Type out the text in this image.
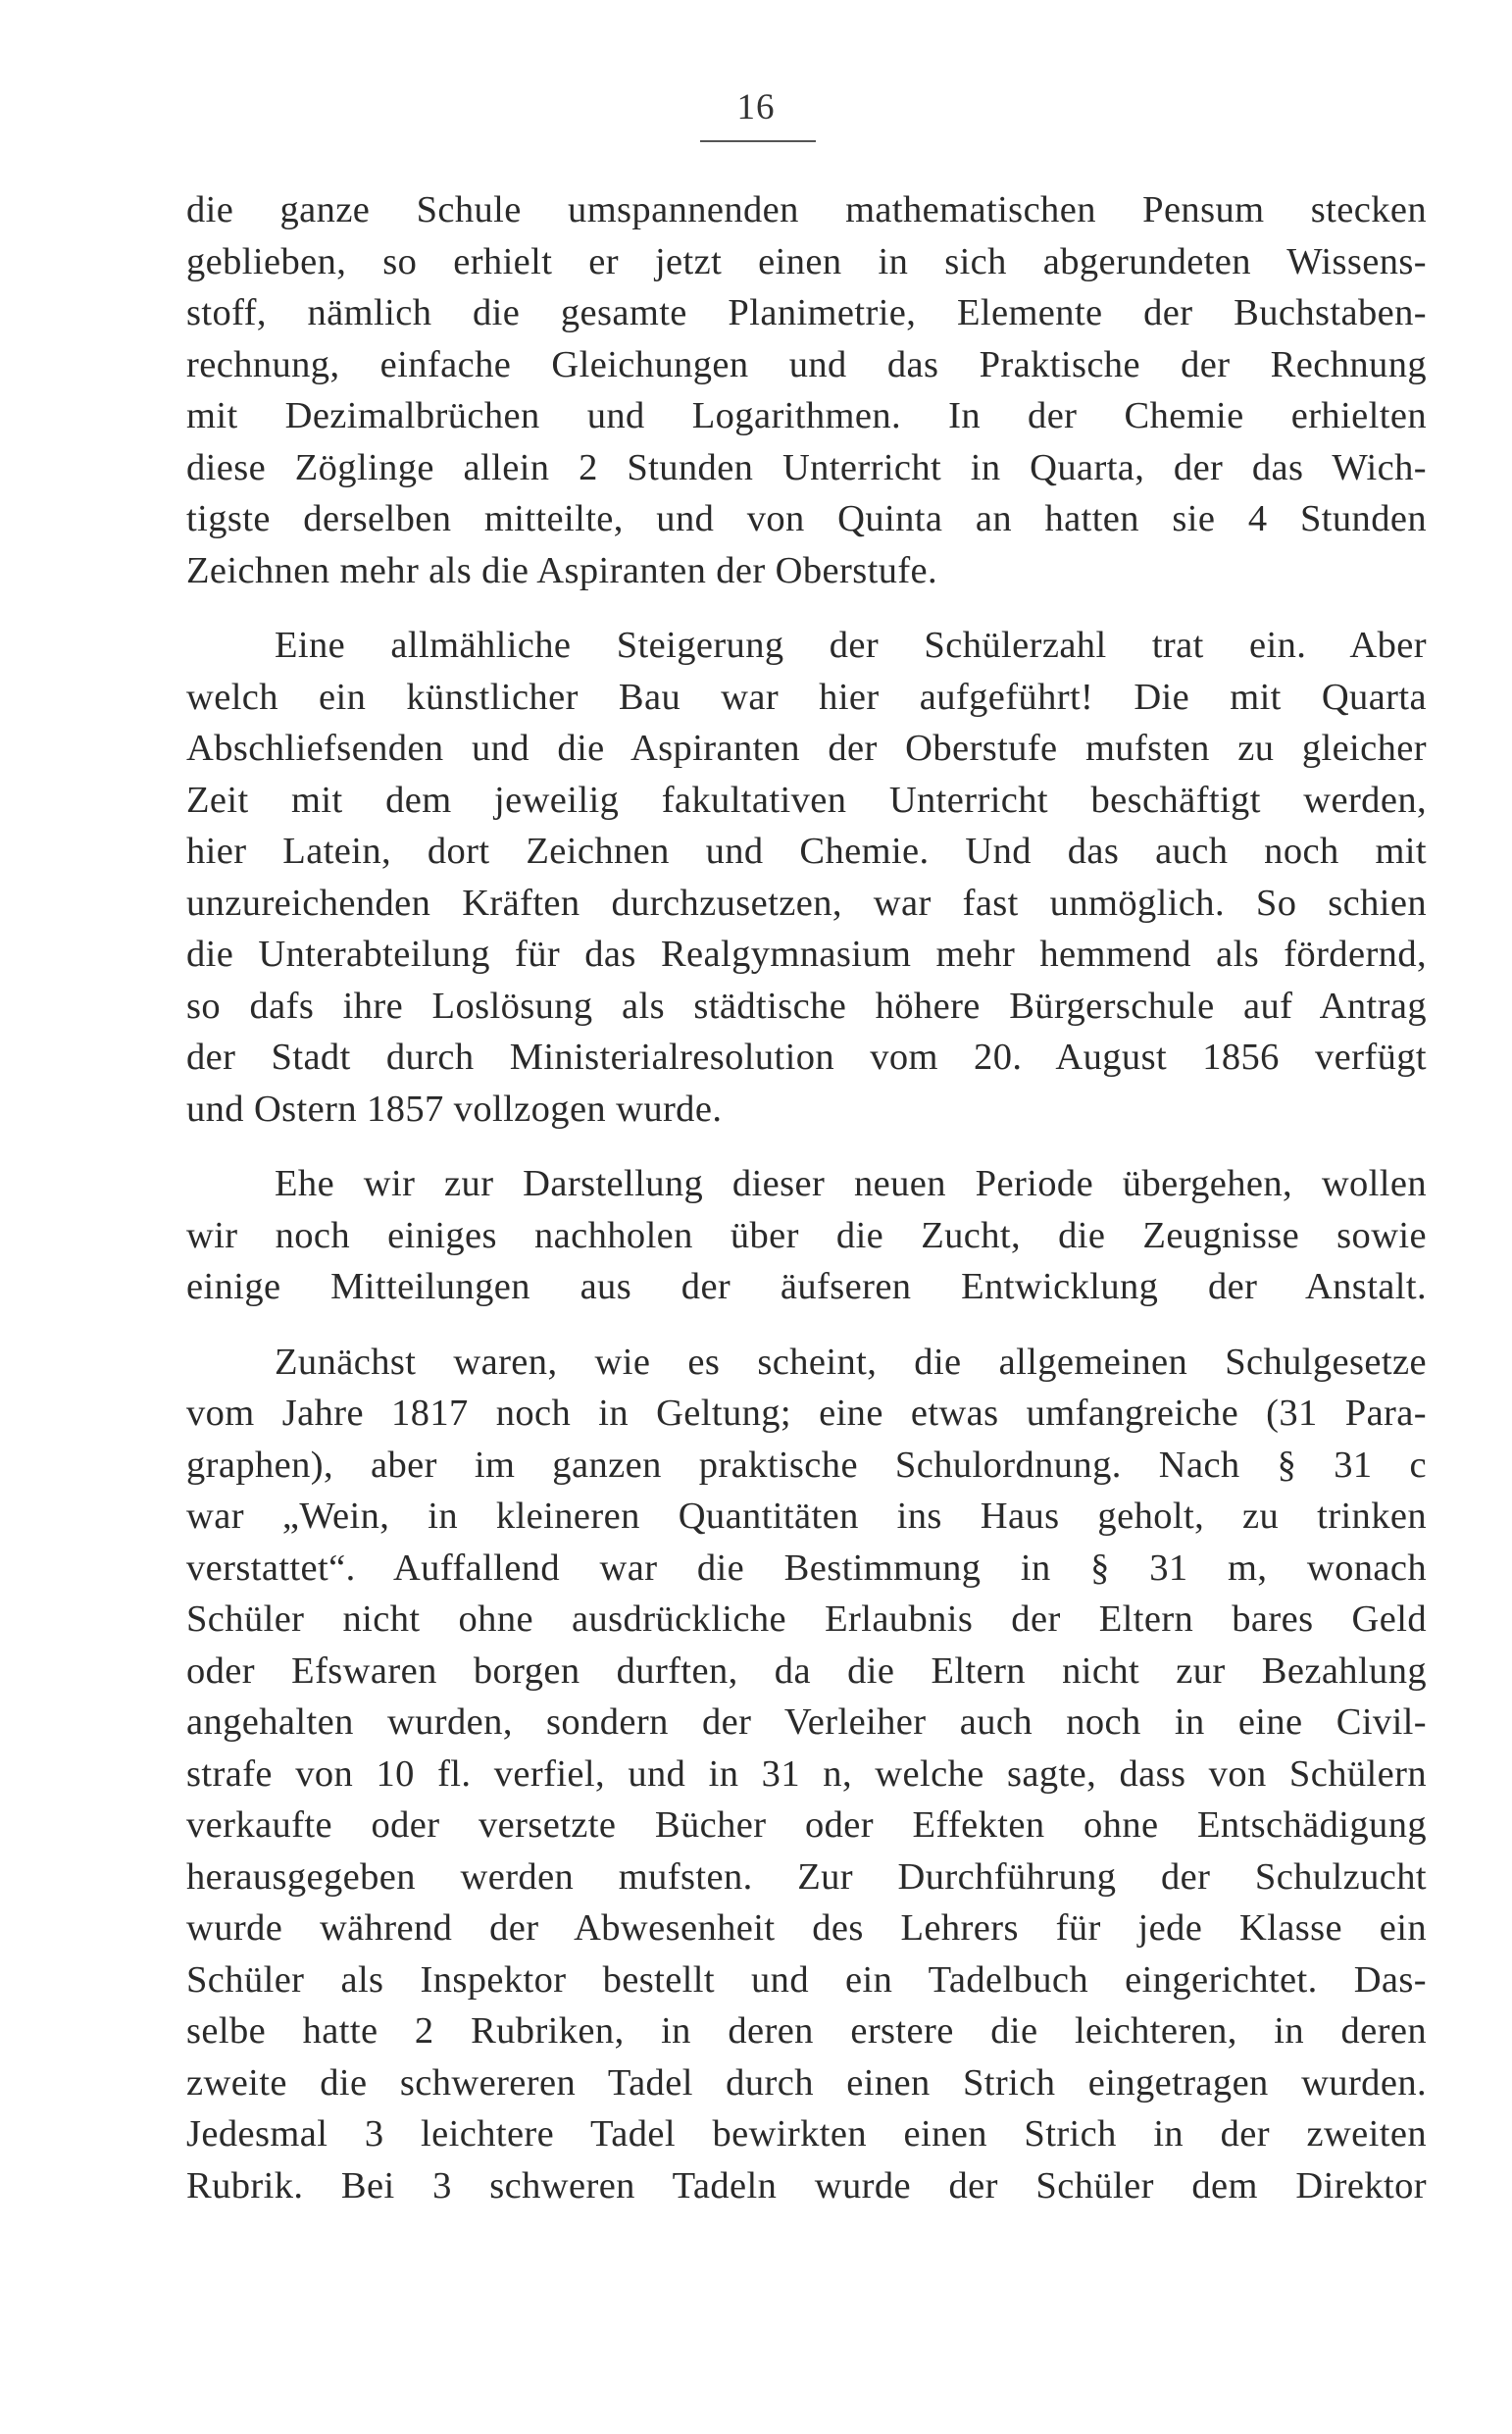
16
die ganze Schule umspannenden mathematischen Pensum stecken
geblieben, so erhielt er jetzt einen in sich abgerundeten Wissens-
stoff, nämlich die gesamte Planimetrie, Elemente der Buchstaben-
rechnung, einfache Gleichungen und das Praktische der Rechnung
mit Dezimalbrüchen und Logarithmen. In der Chemie erhielten
diese Zöglinge allein 2 Stunden Unterricht in Quarta, der das Wich-
tigste derselben mitteilte, und von Quinta an hatten sie 4 Stunden
Zeichnen mehr als die Aspiranten der Oberstufe.
Eine allmähliche Steigerung der Schülerzahl trat ein. Aber
welch ein künstlicher Bau war hier aufgeführt! Die mit Quarta
Abschliefsenden und die Aspiranten der Oberstufe mufsten zu gleicher
Zeit mit dem jeweilig fakultativen Unterricht beschäftigt werden,
hier Latein, dort Zeichnen und Chemie. Und das auch noch mit
unzureichenden Kräften durchzusetzen, war fast unmöglich. So schien
die Unterabteilung für das Realgymnasium mehr hemmend als fördernd,
so dafs ihre Loslösung als städtische höhere Bürgerschule auf Antrag
der Stadt durch Ministerialresolution vom 20. August 1856 verfügt
und Ostern 1857 vollzogen wurde.
Ehe wir zur Darstellung dieser neuen Periode übergehen, wollen
wir noch einiges nachholen über die Zucht, die Zeugnisse sowie
einige Mitteilungen aus der äufseren Entwicklung der Anstalt.
Zunächst waren, wie es scheint, die allgemeinen Schulgesetze
vom Jahre 1817 noch in Geltung; eine etwas umfangreiche (31 Para-
graphen), aber im ganzen praktische Schulordnung. Nach § 31 c
war „Wein, in kleineren Quantitäten ins Haus geholt, zu trinken
verstattet“. Auffallend war die Bestimmung in § 31 m, wonach
Schüler nicht ohne ausdrückliche Erlaubnis der Eltern bares Geld
oder Efswaren borgen durften, da die Eltern nicht zur Bezahlung
angehalten wurden, sondern der Verleiher auch noch in eine Civil-
strafe von 10 fl. verfiel, und in 31 n, welche sagte, dass von Schülern
verkaufte oder versetzte Bücher oder Effekten ohne Entschädigung
herausgegeben werden mufsten. Zur Durchführung der Schulzucht
wurde während der Abwesenheit des Lehrers für jede Klasse ein
Schüler als Inspektor bestellt und ein Tadelbuch eingerichtet. Das-
selbe hatte 2 Rubriken, in deren erstere die leichteren, in deren
zweite die schwereren Tadel durch einen Strich eingetragen wurden.
Jedesmal 3 leichtere Tadel bewirkten einen Strich in der zweiten
Rubrik. Bei 3 schweren Tadeln wurde der Schüler dem Direktor
